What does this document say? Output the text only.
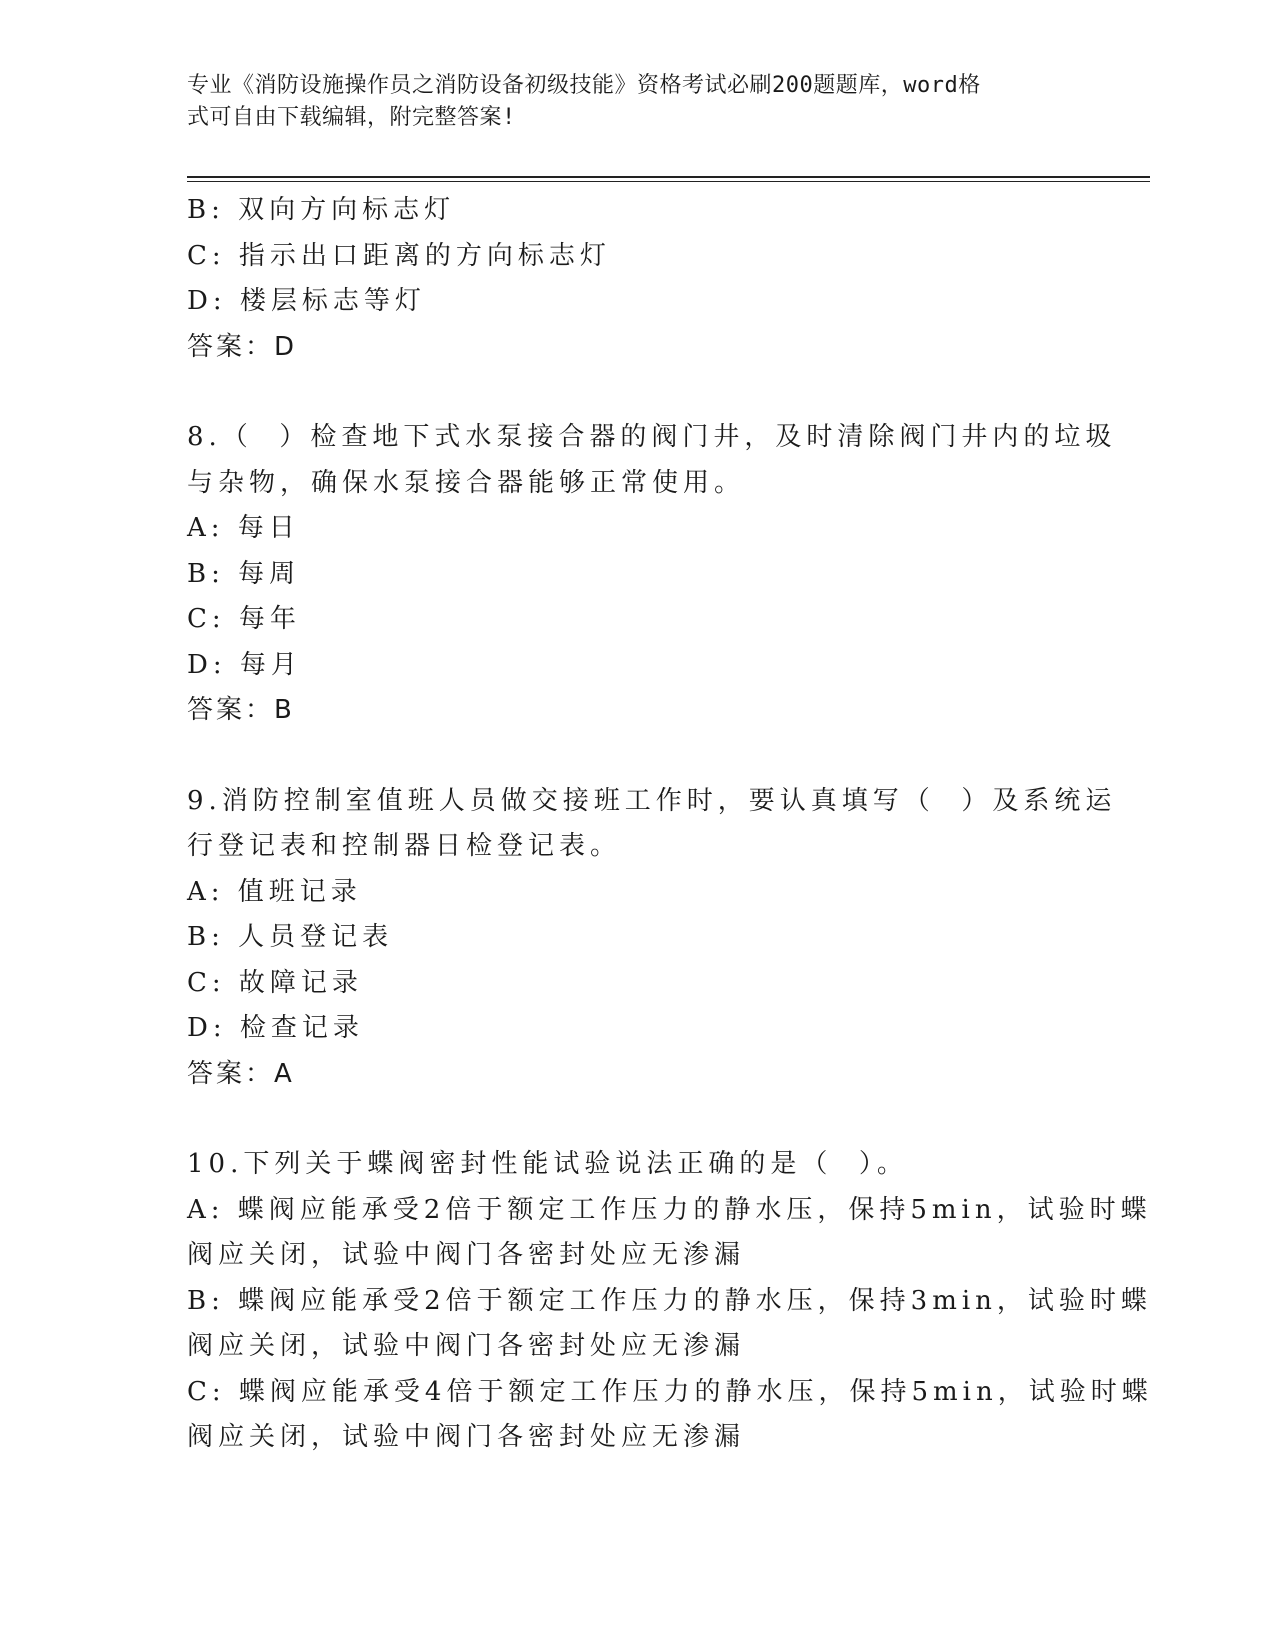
专业《消防设施操作员之消防设备初级技能》资格考试必刷200题题库，word格
式可自由下载编辑，附完整答案!
B: 双向方向标志灯
C: 指示出口距离的方向标志灯
D: 楼层标志等灯
答案：D
8.（  ）检查地下式水泵接合器的阀门井，及时清除阀门井内的垃圾
与杂物，确保水泵接合器能够正常使用。
A: 每日
B: 每周
C: 每年
D: 每月
答案：B
9.消防控制室值班人员做交接班工作时，要认真填写（  ）及系统运
行登记表和控制器日检登记表。
A: 值班记录
B: 人员登记表
C: 故障记录
D: 检查记录
答案：A
10.下列关于蝶阀密封性能试验说法正确的是（  ）。
A: 蝶阀应能承受2倍于额定工作压力的静水压，保持5min，试验时蝶
阀应关闭，试验中阀门各密封处应无渗漏
B: 蝶阀应能承受2倍于额定工作压力的静水压，保持3min，试验时蝶
阀应关闭，试验中阀门各密封处应无渗漏
C: 蝶阀应能承受4倍于额定工作压力的静水压，保持5min，试验时蝶
阀应关闭，试验中阀门各密封处应无渗漏
